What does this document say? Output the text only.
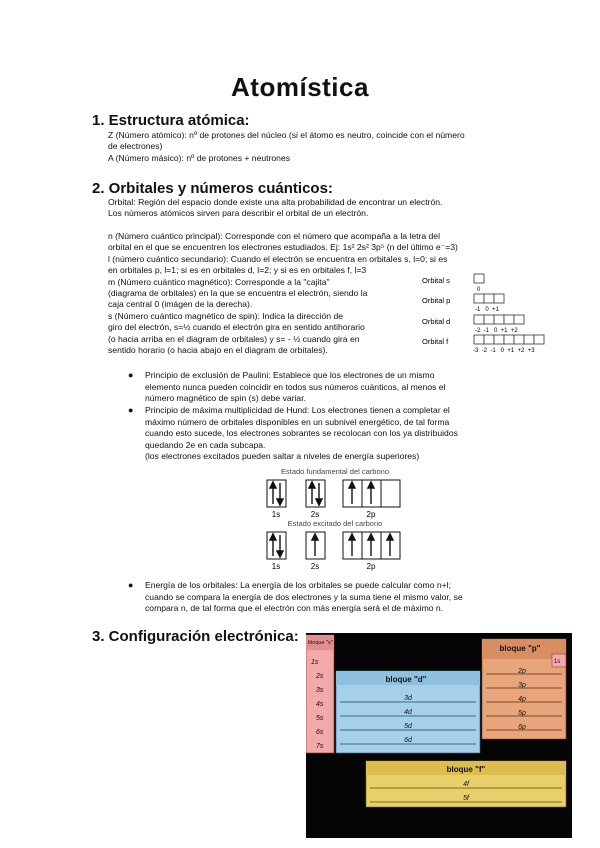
Atomística
1. Estructura atómica:
Z (Número atómico): nº de protones del núcleo (si el átomo es neutro, coincide con el número
de electrones)
A (Número másico): nº de protones + neutrones
2. Orbitales y números cuánticos:
Orbital: Región del espacio donde existe una alta probabilidad de encontrar un electrón.
Los números atómicos sirven para describir el orbital de un electrón.
n (Número cuántico principal): Corresponde con el número que acompaña a la letra del
orbital en el que se encuentren los electrones estudiados. Ej: 1s² 2s² 3p⁵ (n del último e⁻=3)
l (número cuántico secundario): Cuando el electrón se encuentra en orbitales s, l=0; si es
en orbitales p, l=1; si es en orbitales d, l=2; y si es en orbitales f, l=3
m (Número cuántico magnético): Corresponde a la "cajita"
(diagrama de orbitales) en la que se encuentra el electrón, siendo la
caja central 0 (imágen de la derecha).
s (Número cuántico magnético de spin): Indica la dirección de
giro del electrón, s=½ cuando el electrón gira en sentido antihorario
(o hacia arriba en el diagram de orbitales) y s= - ½ cuando gira en
sentido horario (o hacia abajo en el diagram de orbitales).
Orbital s
0
Orbital p
-1   0  +1
Orbital d
-2  -1   0  +1  +2
Orbital f
-3  -2  -1   0  +1  +2  +3
● Principio de exclusión de Paulini: Establece que los electrones de un mismo
elemento nunca pueden coincidir en todos sus números cuánticos, al menos el
número magnético de spin (s) debe variar.
● Principio de máxima multiplicidad de Hund: Los electrones tienen a completar el
máximo número de orbitales disponibles en un subnivel energético, de tal forma
cuando esto sucede, los electrones sobrantes se recolocan con los ya distribuidos
quedando 2e en cada subcapa.
(los electrones excitados pueden saltar a niveles de energía superiores)
Estado fundamental del carbono
1s	2s	2p
Estado excitado del carbono
1s	2s	2p
● Energía de los orbitales: La energía de los orbitales se puede calcular como n+l;
cuando se compara la energía de dos electrones y la suma tiene el mismo valor, se
compara n, de tal forma que el electrón con más energía será el de máximo n.
3. Configuración electrónica: bloque "s"
1s
2s
3s
4s
5s
6s
7s
bloque "d"
3d
4d
5d
6d
bloque "p"
1s
2p
3p
4p
5p
6p
bloque "f"
4f
5f
